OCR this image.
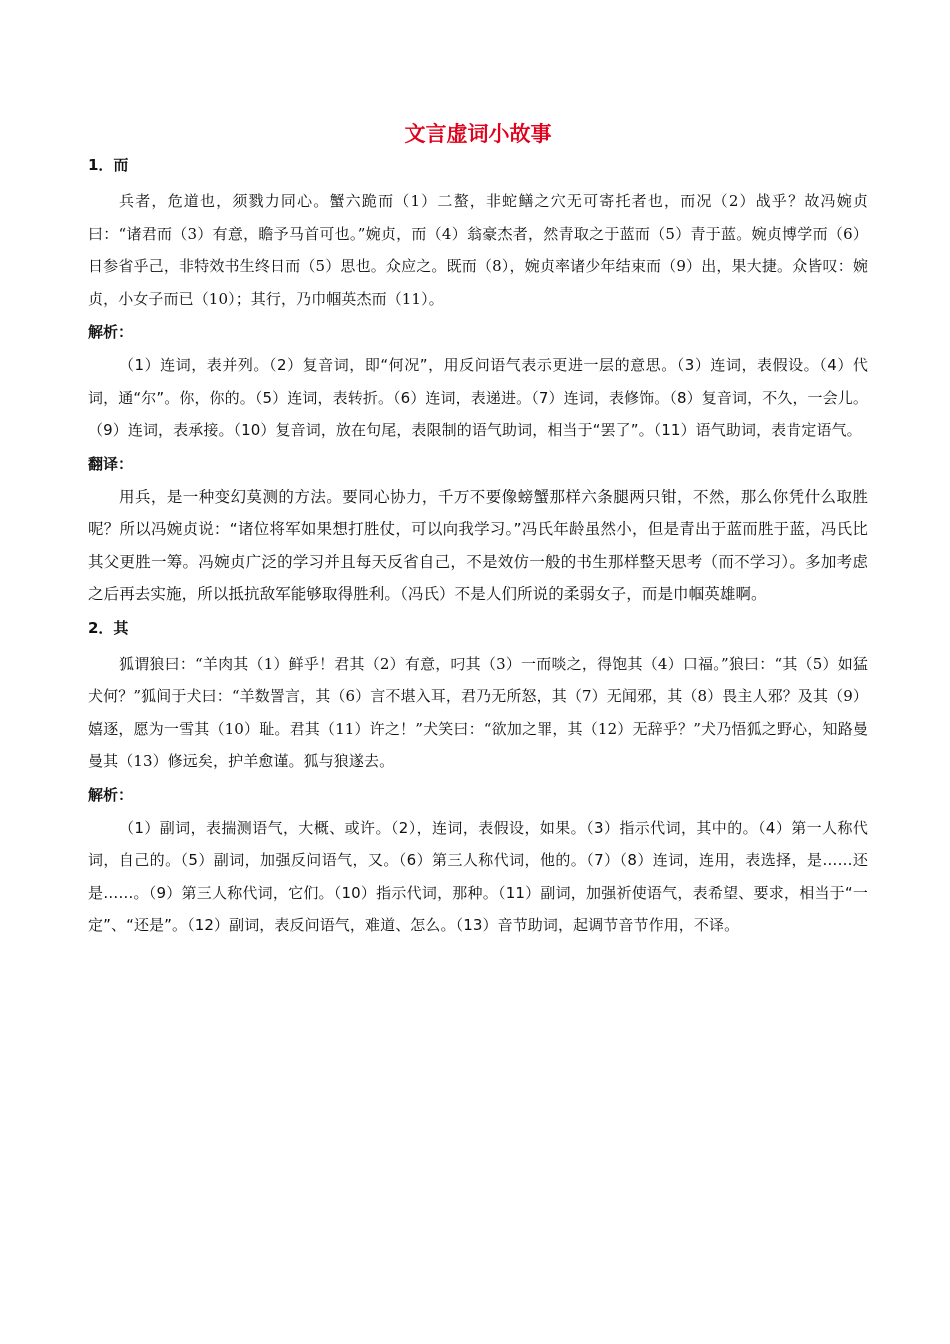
文言虚词小故事
1．而

兵者，危道也，须戮力同心。蟹六跪而（1）二螯，非蛇鳝之穴无可寄托者也，而况（2）战乎？故冯婉贞曰：“诸君而（3）有意，瞻予马首可也。”婉贞，而（4）翁豪杰者，然青取之于蓝而（5）青于蓝。婉贞博学而（6）日参省乎己，非特效书生终日而（5）思也。众应之。既而（8），婉贞率诸少年结束而（9）出，果大捷。众皆叹：婉贞，小女子而已（10）；其行，乃巾帼英杰而（11）。

解析：

（1）连词，表并列。（2）复音词，即“何况”，用反问语气表示更进一层的意思。（3）连词，表假设。（4）代词，通“尔”。你，你的。（5）连词，表转折。（6）连词，表递进。（7）连词，表修饰。（8）复音词，不久，一会儿。（9）连词，表承接。（10）复音词，放在句尾，表限制的语气助词，相当于“罢了”。（11）语气助词，表肯定语气。

翻译：

用兵，是一种变幻莫测的方法。要同心协力，千万不要像螃蟹那样六条腿两只钳，不然，那么你凭什么取胜呢？所以冯婉贞说：“诸位将军如果想打胜仗，可以向我学习。”冯氏年龄虽然小，但是青出于蓝而胜于蓝，冯氏比其父更胜一筹。冯婉贞广泛的学习并且每天反省自己，不是效仿一般的书生那样整天思考（而不学习）。多加考虑之后再去实施，所以抵抗敌军能够取得胜利。（冯氏）不是人们所说的柔弱女子，而是巾帼英雄啊。

2．其

狐谓狼曰：“羊肉其（1）鲜乎！君其（2）有意，叼其（3）一而啖之，得饱其（4）口福。”狼曰：“其（5）如猛犬何？”狐间于犬曰：“羊数詈言，其（6）言不堪入耳，君乃无所怒，其（7）无闻邪，其（8）畏主人邪？及其（9）嬉逐，愿为一雪其（10）耻。君其（11）许之！”犬笑曰：“欲加之罪，其（12）无辞乎？”犬乃悟狐之野心，知路曼曼其（13）修远矣，护羊愈谨。狐与狼遂去。

解析：

（1）副词，表揣测语气，大概、或许。（2），连词，表假设，如果。（3）指示代词，其中的。（4）第一人称代词，自己的。（5）副词，加强反问语气，又。（6）第三人称代词，他的。（7）（8）连词，连用，表选择，是……还是……。（9）第三人称代词，它们。（10）指示代词，那种。（11）副词，加强祈使语气，表希望、要求，相当于“一定”、“还是”。（12）副词，表反问语气，难道、怎么。（13）音节助词，起调节音节作用，不译。
